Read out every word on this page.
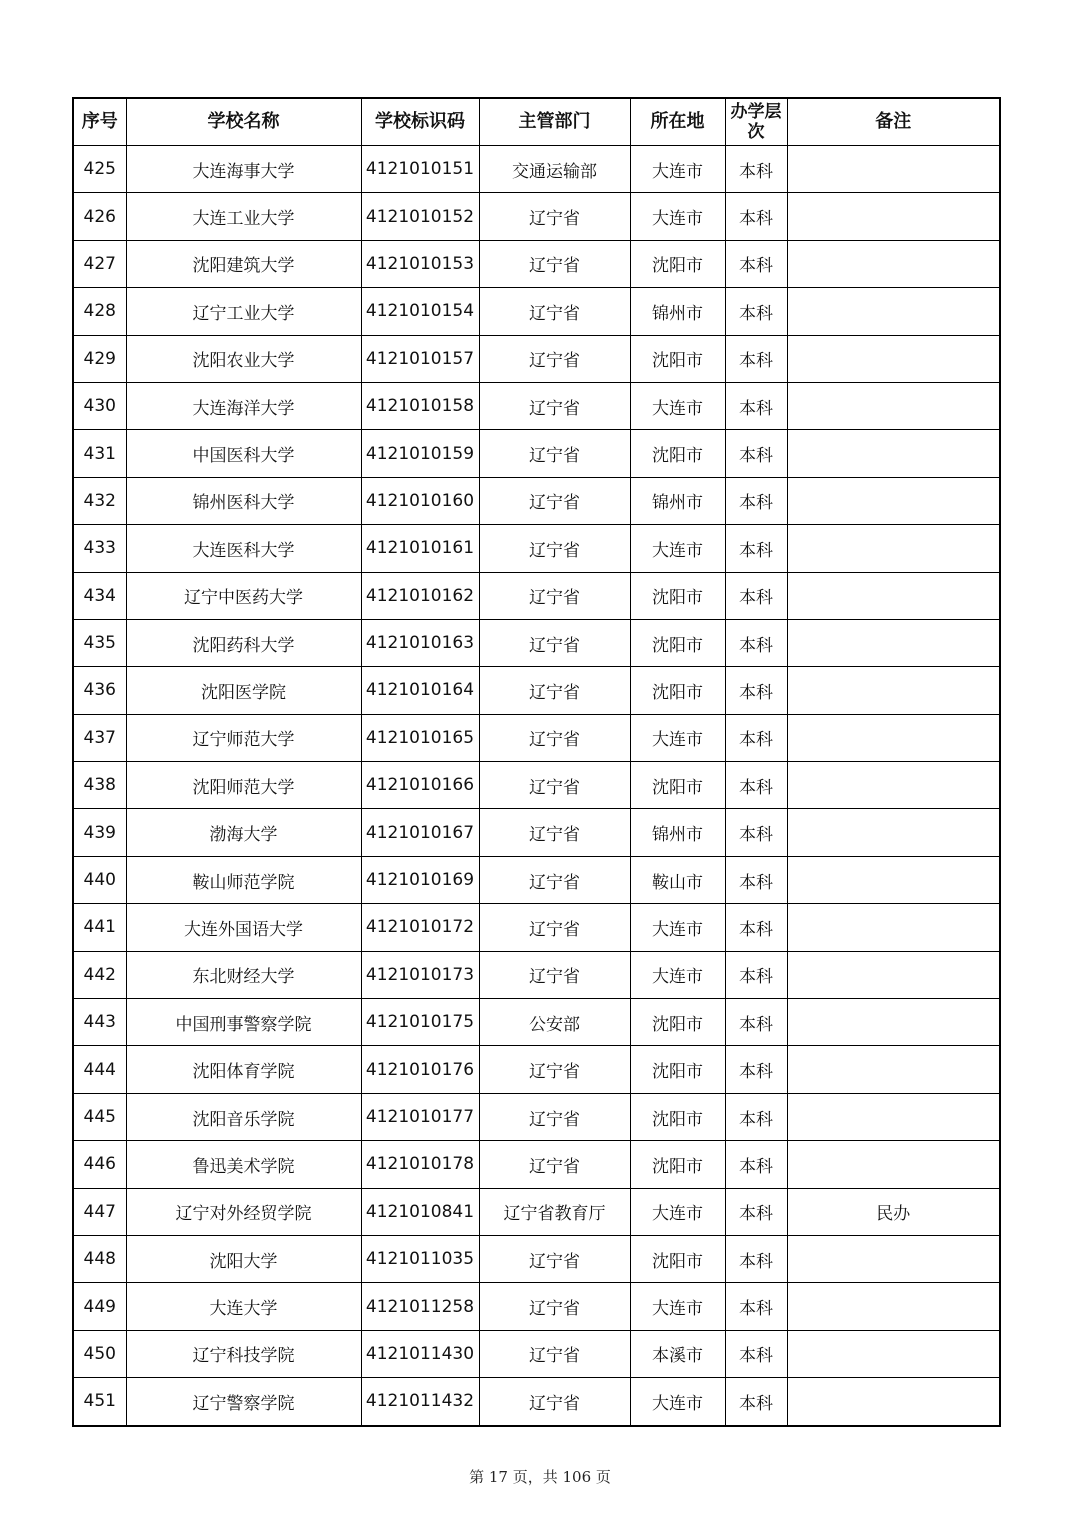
序号	学校名称	学校标识码	主管部门	所在地	办学层次	备注
425	大连海事大学	4121010151	交通运输部	大连市	本科	
426	大连工业大学	4121010152	辽宁省	大连市	本科	
427	沈阳建筑大学	4121010153	辽宁省	沈阳市	本科	
428	辽宁工业大学	4121010154	辽宁省	锦州市	本科	
429	沈阳农业大学	4121010157	辽宁省	沈阳市	本科	
430	大连海洋大学	4121010158	辽宁省	大连市	本科	
431	中国医科大学	4121010159	辽宁省	沈阳市	本科	
432	锦州医科大学	4121010160	辽宁省	锦州市	本科	
433	大连医科大学	4121010161	辽宁省	大连市	本科	
434	辽宁中医药大学	4121010162	辽宁省	沈阳市	本科	
435	沈阳药科大学	4121010163	辽宁省	沈阳市	本科	
436	沈阳医学院	4121010164	辽宁省	沈阳市	本科	
437	辽宁师范大学	4121010165	辽宁省	大连市	本科	
438	沈阳师范大学	4121010166	辽宁省	沈阳市	本科	
439	渤海大学	4121010167	辽宁省	锦州市	本科	
440	鞍山师范学院	4121010169	辽宁省	鞍山市	本科	
441	大连外国语大学	4121010172	辽宁省	大连市	本科	
442	东北财经大学	4121010173	辽宁省	大连市	本科	
443	中国刑事警察学院	4121010175	公安部	沈阳市	本科	
444	沈阳体育学院	4121010176	辽宁省	沈阳市	本科	
445	沈阳音乐学院	4121010177	辽宁省	沈阳市	本科	
446	鲁迅美术学院	4121010178	辽宁省	沈阳市	本科	
447	辽宁对外经贸学院	4121010841	辽宁省教育厅	大连市	本科	民办
448	沈阳大学	4121011035	辽宁省	沈阳市	本科	
449	大连大学	4121011258	辽宁省	大连市	本科	
450	辽宁科技学院	4121011430	辽宁省	本溪市	本科	
451	辽宁警察学院	4121011432	辽宁省	大连市	本科	
第 17 页，共 106 页
